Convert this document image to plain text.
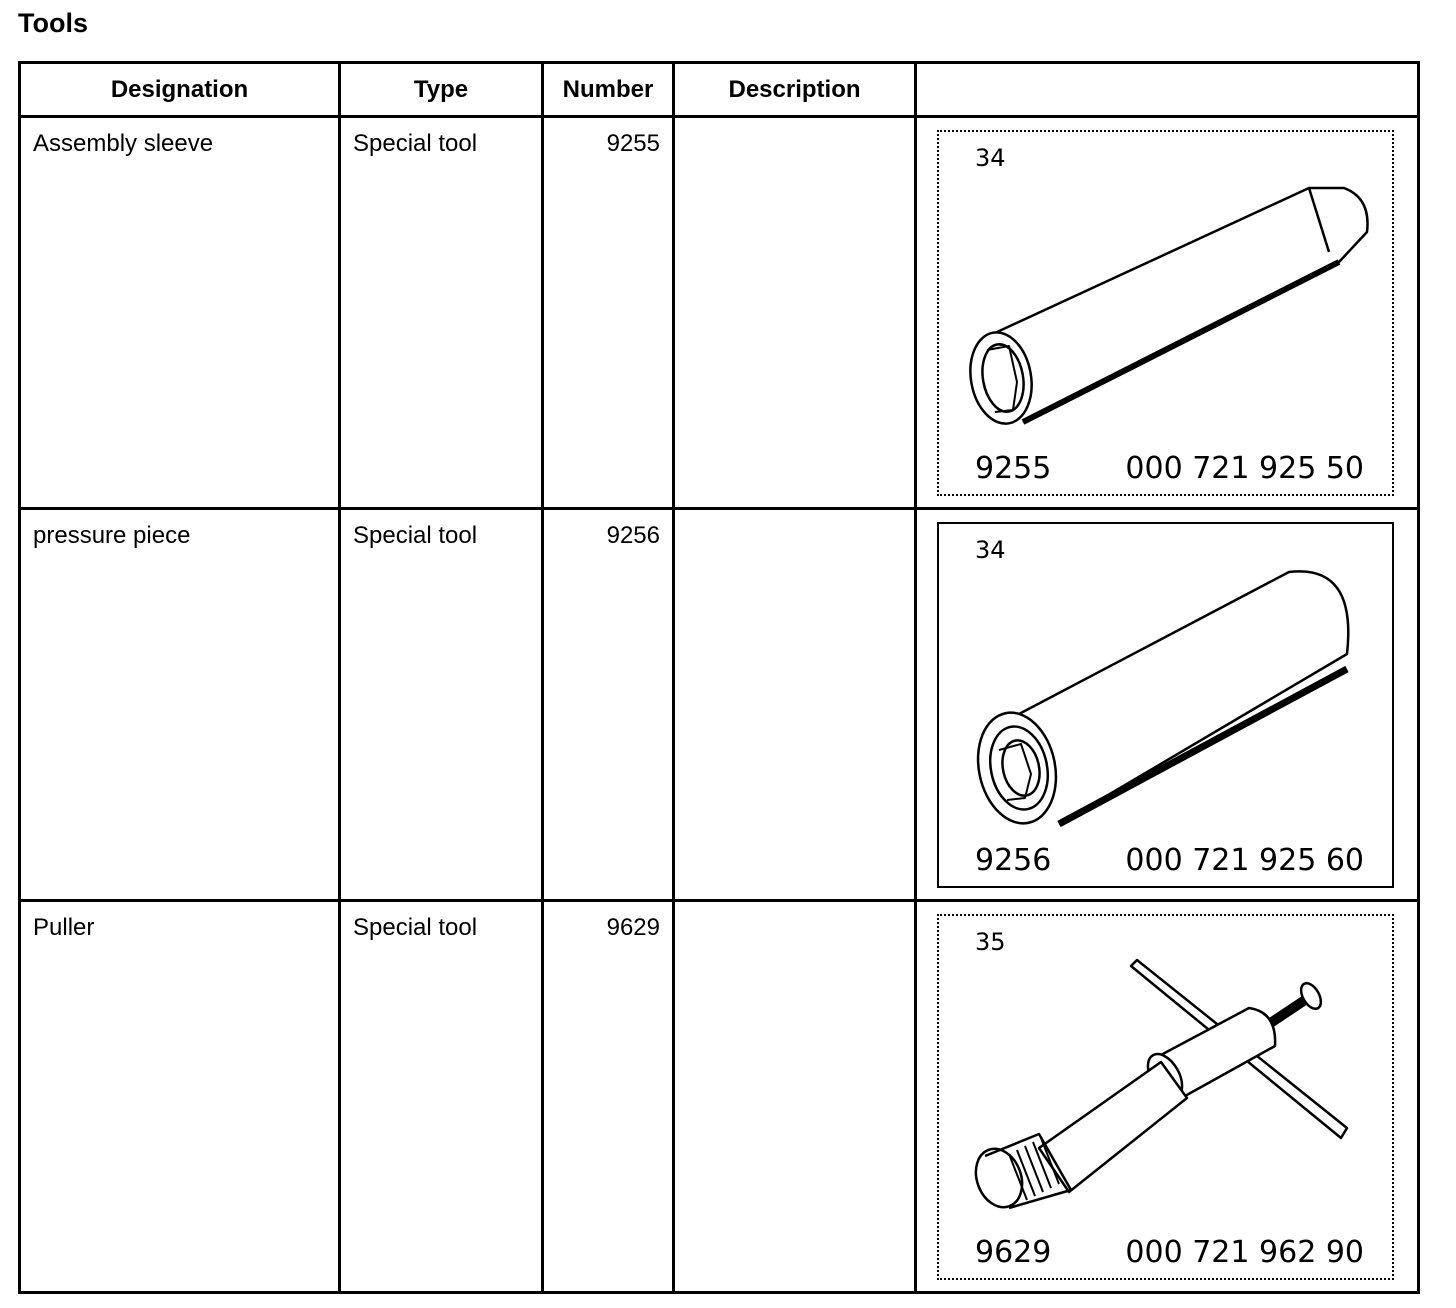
Tools
Designation	Type	Number	Description	

Assembly sleeve	Special tool	9255		34
9255 000 721 925 50

pressure piece	Special tool	9256		34
9256 000 721 925 60

Puller	Special tool	9629		35
9629 000 721 962 90
